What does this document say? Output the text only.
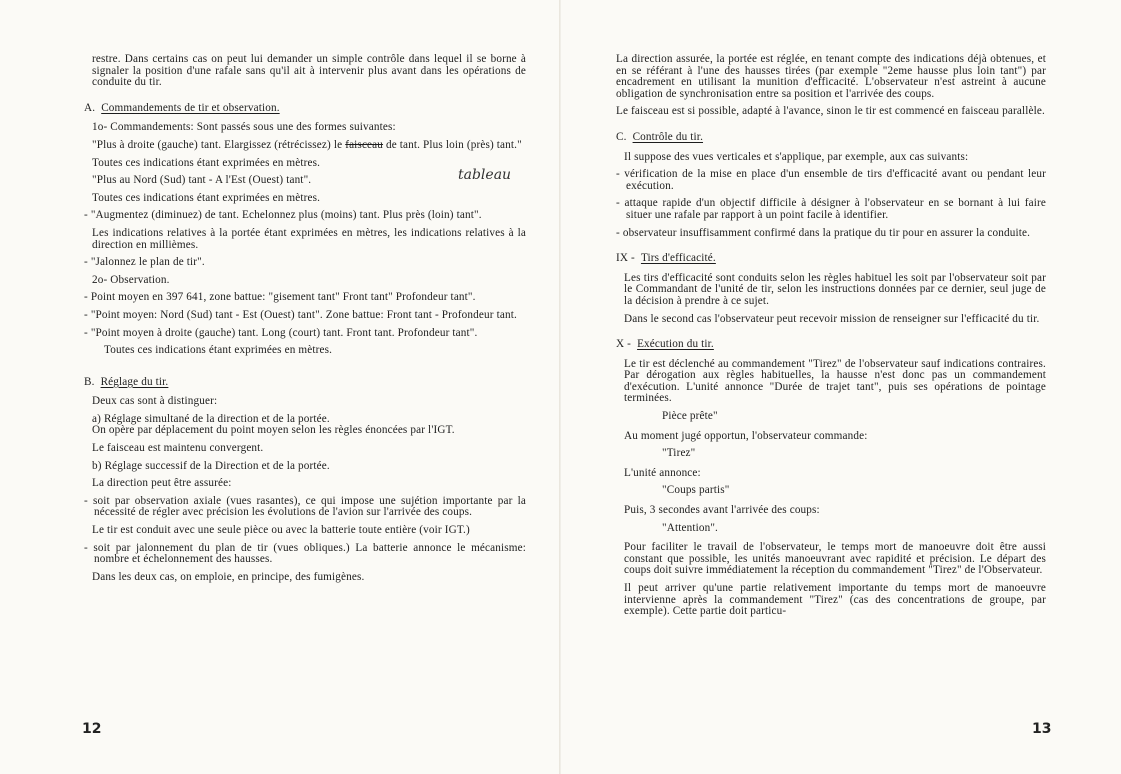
restre. Dans certains cas on peut lui demander un simple contrôle dans lequel il se borne à signaler la position d'une rafale sans qu'il ait à intervenir plus avant dans les opérations de conduite du tir.

A. Commandements de tir et observation.

1o- Commandements: Sont passés sous une des formes suivantes:

"Plus à droite (gauche) tant. Elargissez (rétrécissez) le faisceau de tant. Plus loin (près) tant."

Toutes ces indications étant exprimées en mètres.

"Plus au Nord (Sud) tant - A l'Est (Ouest) tant".

Toutes ces indications étant exprimées en mètres.

- "Augmentez (diminuez) de tant. Echelonnez plus (moins) tant. Plus près (loin) tant".

Les indications relatives à la portée étant exprimées en mètres, les indications relatives à la direction en millièmes.

- "Jalonnez le plan de tir".

2o- Observation.

- Point moyen en 397 641, zone battue: "gisement tant" Front tant" Profondeur tant".

- "Point moyen: Nord (Sud) tant - Est (Ouest) tant". Zone battue: Front tant - Profondeur tant.

- "Point moyen à droite (gauche) tant. Long (court) tant. Front tant. Profondeur tant".

Toutes ces indications étant exprimées en mètres.

B. Réglage du tir.

Deux cas sont à distinguer:

a) Réglage simultané de la direction et de la portée.

On opère par déplacement du point moyen selon les règles énoncées par l'IGT.

Le faisceau est maintenu convergent.

b) Réglage successif de la Direction et de la portée.

La direction peut être assurée:

- soit par observation axiale (vues rasantes), ce qui impose une sujétion importante par la nécessité de régler avec précision les évolutions de l'avion sur l'arrivée des coups.

Le tir est conduit avec une seule pièce ou avec la batterie toute entière (voir IGT.)

- soit par jalonnement du plan de tir (vues obliques.) La batterie annonce le mécanisme: nombre et échelonnement des hausses.

Dans les deux cas, on emploie, en principe, des fumigènes.

tableau
12

La direction assurée, la portée est réglée, en tenant compte des indications déjà obtenues, et en se référant à l'une des hausses tirées (par exemple "2eme hausse plus loin tant") par encadrement en utilisant la munition d'efficacité. L'observateur n'est astreint à aucune obligation de synchronisation entre sa position et l'arrivée des coups.

Le faisceau est si possible, adapté à l'avance, sinon le tir est commencé en faisceau parallèle.

C. Contrôle du tir.

Il suppose des vues verticales et s'applique, par exemple, aux cas suivants:

- vérification de la mise en place d'un ensemble de tirs d'efficacité avant ou pendant leur exécution.

- attaque rapide d'un objectif difficile à désigner à l'observateur en se bornant à lui faire situer une rafale par rapport à un point facile à identifier.

- observateur insuffisamment confirmé dans la pratique du tir pour en assurer la conduite.

IX - Tirs d'efficacité.

Les tirs d'efficacité sont conduits selon les règles habituel les soit par l'observateur soit par le Commandant de l'unité de tir, selon les instructions données par ce dernier, seul juge de la décision à prendre à ce sujet.

Dans le second cas l'observateur peut recevoir mission de renseigner sur l'efficacité du tir.

X - Exécution du tir.

Le tir est déclenché au commandement "Tirez" de l'observateur sauf indications contraires. Par dérogation aux règles habituelles, la hausse n'est donc pas un commandement d'exécution. L'unité annonce "Durée de trajet tant", puis ses opérations de pointage terminées.

Pièce prête"

Au moment jugé opportun, l'observateur commande:

"Tirez"

L'unité annonce:

"Coups partis"

Puis, 3 secondes avant l'arrivée des coups:

"Attention".

Pour faciliter le travail de l'observateur, le temps mort de manoeuvre doit être aussi constant que possible, les unités manoeuvrant avec rapidité et précision. Le départ des coups doit suivre immédiatement la réception du commandement "Tirez" de l'Observateur.

Il peut arriver qu'une partie relativement importante du temps mort de manoeuvre intervienne après la commandement "Tirez" (cas des concentrations de groupe, par exemple). Cette partie doit particu-

13
